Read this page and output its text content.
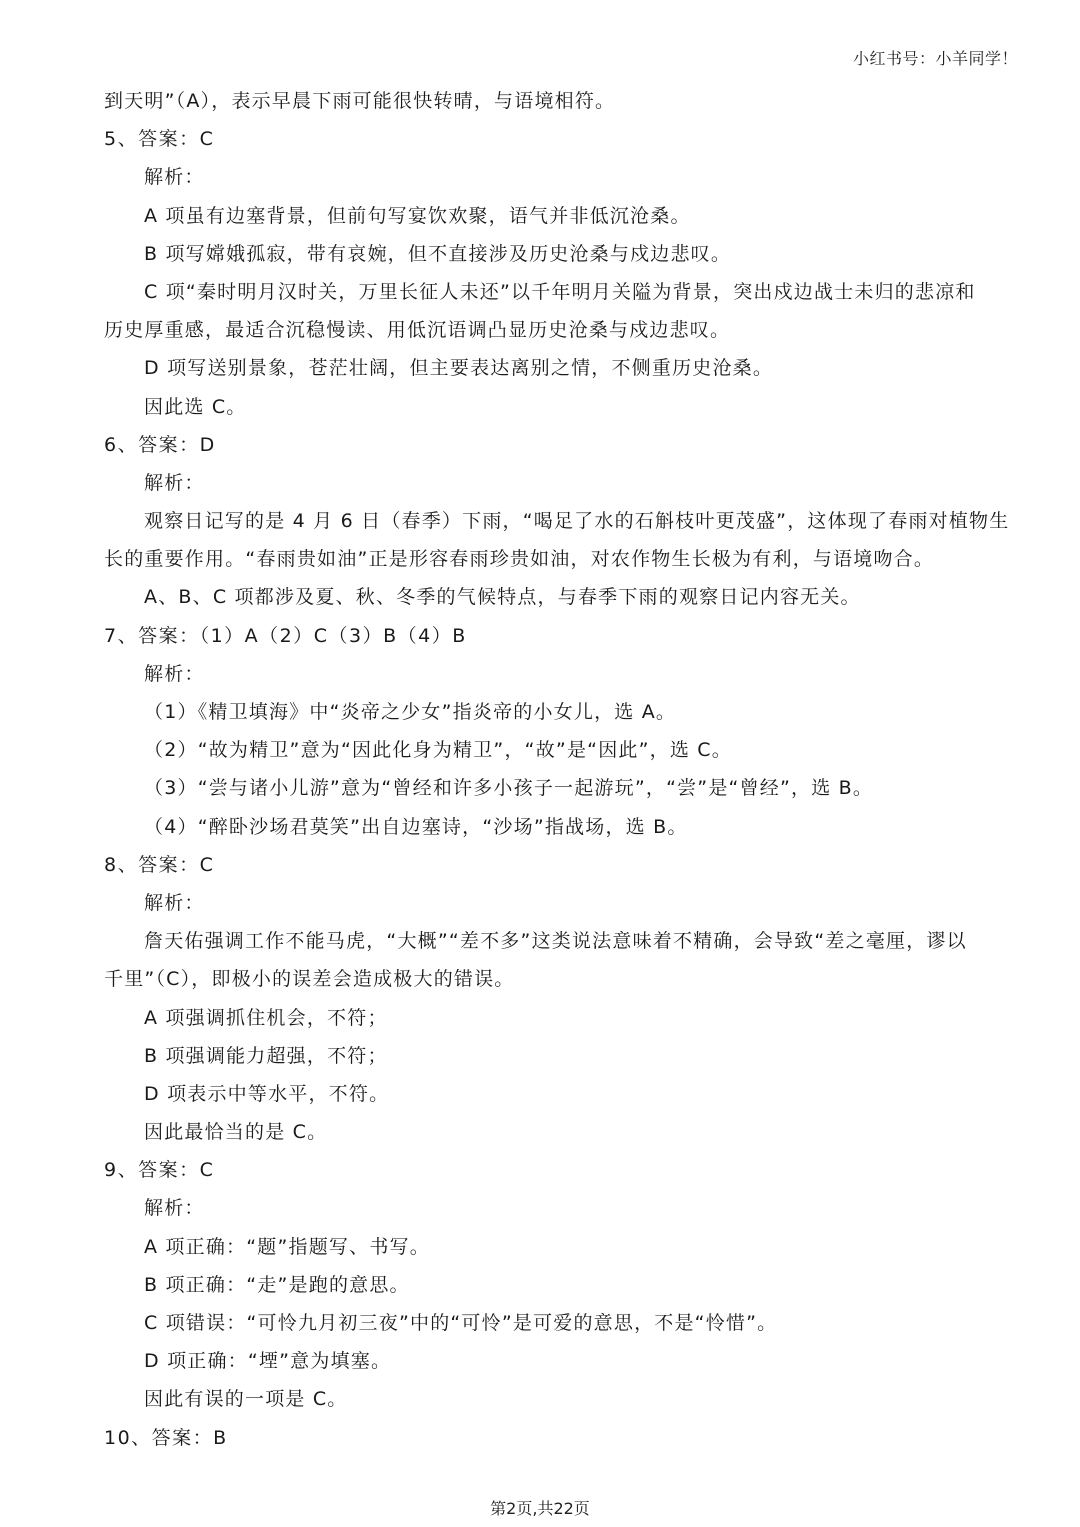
小红书号：小羊同学！
到天明”（A），表示早晨下雨可能很快转晴，与语境相符。
5、答案：C
解析：
A 项虽有边塞背景，但前句写宴饮欢聚，语气并非低沉沧桑。
B 项写嫦娥孤寂，带有哀婉，但不直接涉及历史沧桑与戍边悲叹。
C 项“秦时明月汉时关，万里长征人未还”以千年明月关隘为背景，突出戍边战士未归的悲凉和
历史厚重感，最适合沉稳慢读、用低沉语调凸显历史沧桑与戍边悲叹。
D 项写送别景象，苍茫壮阔，但主要表达离别之情，不侧重历史沧桑。
因此选 C。
6、答案：D
解析：
观察日记写的是 4 月 6 日（春季）下雨，“喝足了水的石斛枝叶更茂盛”，这体现了春雨对植物生
长的重要作用。“春雨贵如油”正是形容春雨珍贵如油，对农作物生长极为有利，与语境吻合。
A、B、C 项都涉及夏、秋、冬季的气候特点，与春季下雨的观察日记内容无关。
7、答案：（1）A（2）C（3）B（4）B
解析：
（1）《精卫填海》中“炎帝之少女”指炎帝的小女儿，选 A。
（2）“故为精卫”意为“因此化身为精卫”，“故”是“因此”，选 C。
（3）“尝与诸小儿游”意为“曾经和许多小孩子一起游玩”，“尝”是“曾经”，选 B。
（4）“醉卧沙场君莫笑”出自边塞诗，“沙场”指战场，选 B。
8、答案：C
解析：
詹天佑强调工作不能马虎，“大概”“差不多”这类说法意味着不精确，会导致“差之毫厘，谬以
千里”（C），即极小的误差会造成极大的错误。
A 项强调抓住机会，不符；
B 项强调能力超强，不符；
D 项表示中等水平，不符。
因此最恰当的是 C。
9、答案：C
解析：
A 项正确：“题”指题写、书写。
B 项正确：“走”是跑的意思。
C 项错误：“可怜九月初三夜”中的“可怜”是可爱的意思，不是“怜惜”。
D 项正确：“堙”意为填塞。
因此有误的一项是 C。
10、答案：B
第2页,共22页
